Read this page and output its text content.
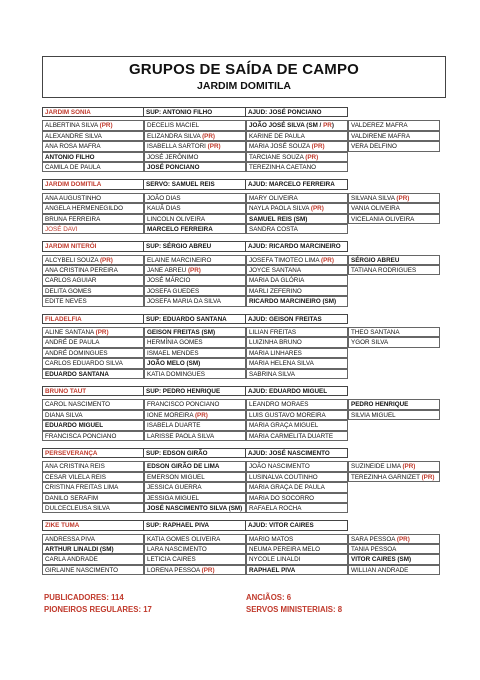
GRUPOS DE SAÍDA DE CAMPO
JARDIM DOMITILA
JARDIM SONIA	SUP: ANTONIO FILHO	AJUD: JOSÉ PONCIANO
ALBERTINA SILVA (PR)	DECELIS MACIEL	JOÃO JOSÉ SILVA (SM / PR)	VALDEREZ MAFRA
ALEXANDRE SILVA	ELIZANDRA SILVA (PR)	KARINE DE PAULA	VALDIRENE MAFRA
ANA ROSA MAFRA	ISABELLA SARTORI (PR)	MARIA JOSÉ SOUZA (PR)	VERA DELFINO
ANTONIO FILHO	JOSÉ JERÔNIMO	TARCIANE SOUZA (PR)
CAMILA DE PAULA	JOSÉ PONCIANO	TEREZINHA CAETANO
JARDIM DOMITILA	SERVO: SAMUEL REIS	AJUD: MARCELO FERREIRA
ANA AUGUSTINHO	JOÃO DIAS	MARY OLIVEIRA	SILVANA SILVA (PR)
ANGELA HERMENEGILDO	KAUÃ DIAS	NAYLA PAOLA SILVA (PR)	VANIA OLIVEIRA
BRUNA FERREIRA	LINCOLN OLIVEIRA	SAMUEL REIS (SM)	VICELANIA OLIVEIRA
JOSÉ DAVI	MARCELO FERREIRA	SANDRA COSTA
JARDIM NITERÓI	SUP: SÉRGIO ABREU	AJUD: RICARDO MARCINEIRO
ALCYBELI SOUZA (PR)	ELAINE MARCINEIRO	JOSEFA TIMOTEO LIMA (PR)	SÉRGIO ABREU
ANA CRISTINA PEREIRA	JANE ABREU (PR)	JOYCE SANTANA	TATIANA RODRIGUES
CARLOS AGUIAR	JOSÉ MÁRCIO	MARIA DA GLÓRIA
DELITA GOMES	JOSEFA GUEDES	MARLI ZEFERINO
EDITE NEVES	JOSEFA MARIA DA SILVA	RICARDO MARCINEIRO (SM)
FILADELFIA	SUP: EDUARDO SANTANA	AJUD: GEISON FREITAS
ALINE SANTANA (PR)	GEISON FREITAS (SM)	LILIAN FREITAS	THEO SANTANA
ANDRÉ DE PAULA	HERMÍNIA GOMES	LUIZINHA BRUNO	YGOR SILVA
ANDRÉ DOMINGUES	ISMAEL MENDES	MARIA LINHARES
CARLOS EDUARDO SILVA	JOÃO MELO (SM)	MARIA HELENA SILVA
EDUARDO SANTANA	KATIA DOMINGUES	SABRINA SILVA
BRUNO TAUT	SUP: PEDRO HENRIQUE	AJUD: EDUARDO MIGUEL
CAROL NASCIMENTO	FRANCISCO PONCIANO	LEANDRO MORAES	PEDRO HENRIQUE
DIANA SILVA	IONE MOREIRA (PR)	LUIS GUSTAVO MOREIRA	SILVIA MIGUEL
EDUARDO MIGUEL	ISABELA DUARTE	MARIA GRAÇA MIGUEL
FRANCISCA PONCIANO	LARISSE PAOLA SILVA	MARIA CARMELITA DUARTE
PERSEVERANÇA	SUP: EDSON GIRÃO	AJUD: JOSÉ NASCIMENTO
ANA CRISTINA REIS	EDSON GIRÃO DE LIMA	JOÃO NASCIMENTO	SUZINEIDE LIMA (PR)
CESAR VILELA REIS	EMERSON MIGUEL	LUSINALVA COUTINHO	TEREZINHA GARNIZET (PR)
CRISTINA FREITAS LIMA	JESSICA GUERRA	MARIA GRAÇA DE PAULA
DANILO SERAFIM	JESSIGA MIGUEL	MARIA DO SOCORRO
DULCECLEUSA SILVA	JOSÉ NASCIMENTO SILVA (SM)	RAFAELA ROCHA
ZIKE TUMA	SUP: RAPHAEL PIVA	AJUD: VITOR CAIRES
ANDRESSA PIVA	KATIA GOMES OLIVEIRA	MARIO MATOS	SARA PESSOA (PR)
ARTHUR LINALDI (SM)	LARA NASCIMENTO	NEUMA PEREIRA MELO	TANIA PESSOA
CARLA ANDRADE	LETICIA CAIRES	NYCOLE LINALDI	VITOR CAIRES (SM)
GIRLAINE NASCIMENTO	LORENA PESSOA (PR)	RAPHAEL PIVA	WILLIAN ANDRADE
PUBLICADORES: 114
PIONEIROS REGULARES: 17
ANCIÃOS: 6
SERVOS MINISTERIAIS: 8
